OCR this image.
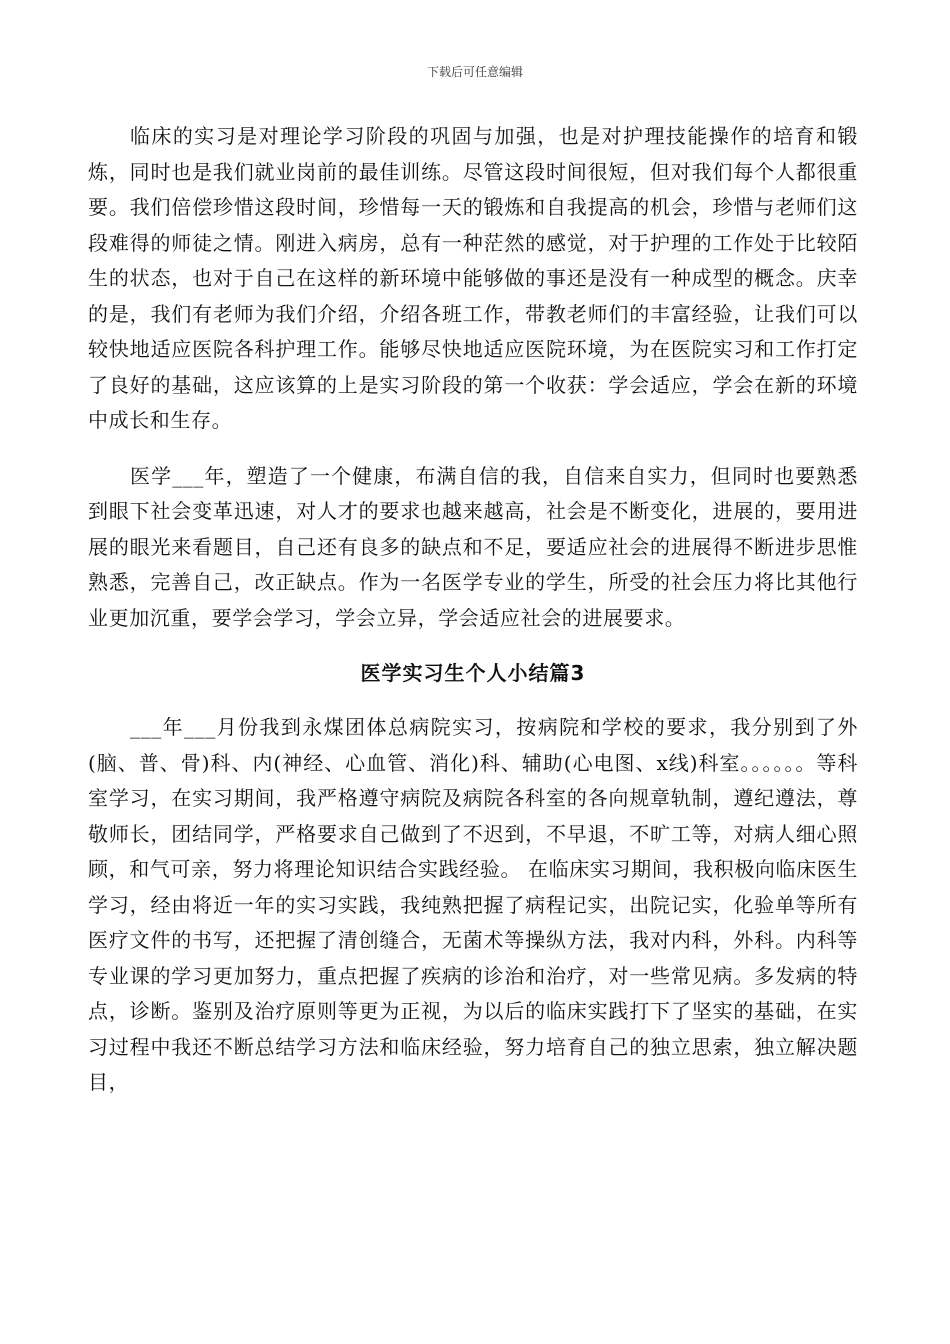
下载后可任意编辑

临床的实习是对理论学习阶段的巩固与加强，也是对护理技能操作的培育和锻炼，同时也是我们就业岗前的最佳训练。尽管这段时间很短，但对我们每个人都很重要。我们倍偿珍惜这段时间，珍惜每一天的锻炼和自我提高的机会，珍惜与老师们这段难得的师徒之情。刚进入病房，总有一种茫然的感觉，对于护理的工作处于比较陌生的状态，也对于自己在这样的新环境中能够做的事还是没有一种成型的概念。庆幸的是，我们有老师为我们介绍，介绍各班工作，带教老师们的丰富经验，让我们可以较快地适应医院各科护理工作。能够尽快地适应医院环境，为在医院实习和工作打定了良好的基础，这应该算的上是实习阶段的第一个收获：学会适应，学会在新的环境中成长和生存。

医学___年，塑造了一个健康，布满自信的我，自信来自实力，但同时也要熟悉到眼下社会变革迅速，对人才的要求也越来越高，社会是不断变化，进展的，要用进展的眼光来看题目，自己还有良多的缺点和不足，要适应社会的进展得不断进步思惟熟悉，完善自己，改正缺点。作为一名医学专业的学生，所受的社会压力将比其他行业更加沉重，要学会学习，学会立异，学会适应社会的进展要求。

医学实习生个人小结篇3

___年___月份我到永煤团体总病院实习，按病院和学校的要求，我分别到了外(脑、普、骨)科、内(神经、心血管、消化)科、辅助(心电图、x线)科室。。。。。。等科室学习，在实习期间，我严格遵守病院及病院各科室的各向规章轨制，遵纪遵法，尊敬师长，团结同学，严格要求自己做到了不迟到，不早退，不旷工等，对病人细心照顾，和气可亲，努力将理论知识结合实践经验。 在临床实习期间，我积极向临床医生学习，经由将近一年的实习实践，我纯熟把握了病程记实，出院记实，化验单等所有医疗文件的书写，还把握了清创缝合，无菌术等操纵方法，我对内科，外科。内科等专业课的学习更加努力，重点把握了疾病的诊治和治疗，对一些常见病。多发病的特点，诊断。鉴别及治疗原则等更为正视，为以后的临床实践打下了坚实的基础，在实习过程中我还不断总结学习方法和临床经验，努力培育自己的独立思索，独立解决题目，
